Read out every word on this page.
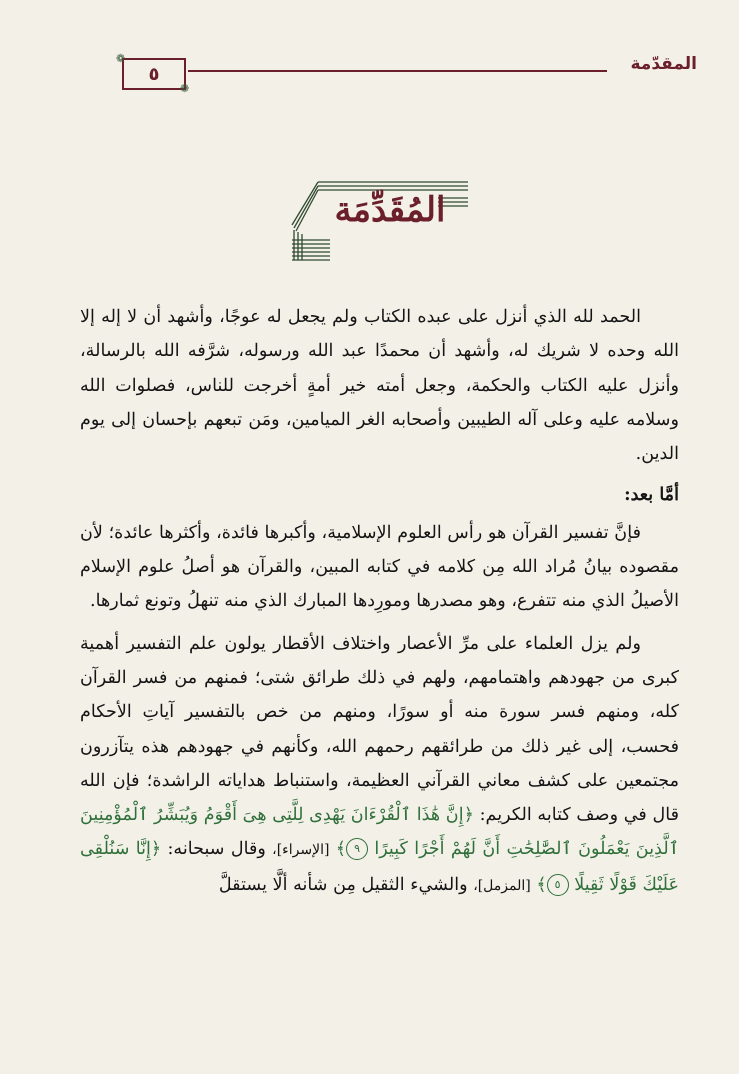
المقدّمة
٥
❁
❁
المُقَدِّمَة

الحمد لله الذي أنزل على عبده الكتاب ولم يجعل له عوجًا، وأشهد أن لا إله إلا الله وحده لا شريك له، وأشهد أن محمدًا عبد الله ورسوله، شرَّفه الله بالرسالة، وأنزل عليه الكتاب والحكمة، وجعل أمته خير أمةٍ أخرجت للناس، فصلوات الله وسلامه عليه وعلى آله الطيبين وأصحابه الغر الميامين، ومَن تبعهم بإحسان إلى يوم الدين.

أمَّا بعد:

فإنَّ تفسير القرآن هو رأس العلوم الإسلامية، وأكبرها فائدة، وأكثرها عائدة؛ لأن مقصوده بيانُ مُراد الله مِن كلامه في كتابه المبين، والقرآن هو أصلُ علوم الإسلام الأصيلُ الذي منه تتفرع، وهو مصدرها ومورِدها المبارك الذي منه تنهلُ وتونع ثمارها.

ولم يزل العلماء على مرِّ الأعصار واختلاف الأقطار يولون علم التفسير أهمية كبرى من جهودهم واهتمامهم، ولهم في ذلك طرائق شتى؛ فمنهم من فسر القرآن كله، ومنهم فسر سورة منه أو سورًا، ومنهم من خص بالتفسير آياتِ الأحكام فحسب، إلى غير ذلك من طرائقهم رحمهم الله، وكأنهم في جهودهم هذه يتآزرون مجتمعين على كشف معاني القرآني العظيمة، واستنباط هداياته الراشدة؛ فإن الله قال في وصف كتابه الكريم: ﴿إِنَّ هَٰذَا ٱلْقُرْءَانَ يَهْدِى لِلَّتِى هِىَ أَقْوَمُ وَيُبَشِّرُ ٱلْمُؤْمِنِينَ ٱلَّذِينَ يَعْمَلُونَ ٱلصَّٰلِحَٰتِ أَنَّ لَهُمْ أَجْرًا كَبِيرًا ٩﴾ [الإسراء]، وقال سبحانه: ﴿إِنَّا سَنُلْقِى عَلَيْكَ قَوْلًا ثَقِيلًا ٥﴾ [المزمل]، والشيء الثقيل مِن شأنه ألَّا يستقلَّ
